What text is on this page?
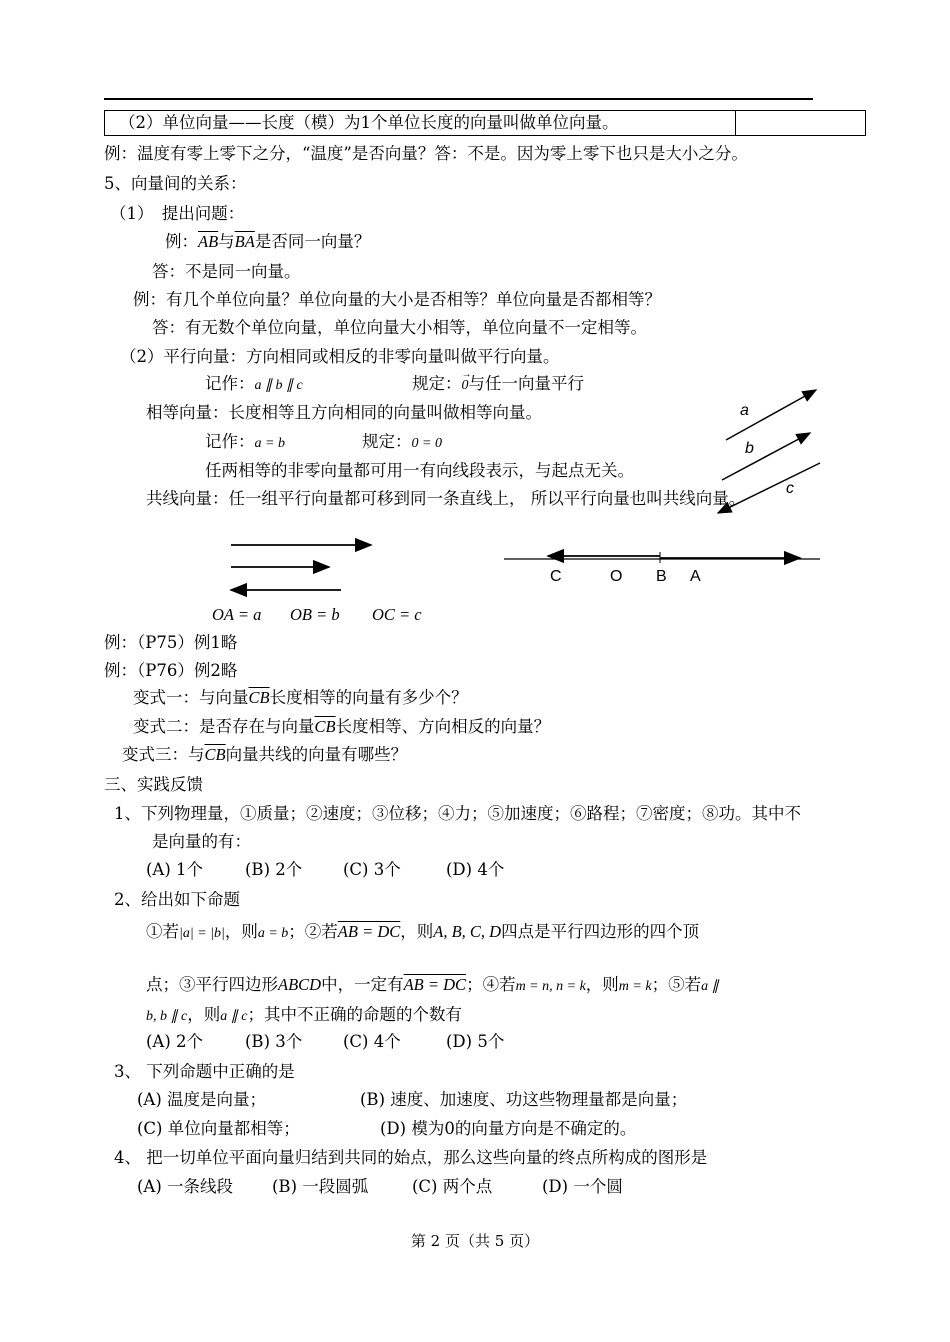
（2）单位向量——长度（模）为1个单位长度的向量叫做单位向量。
例：温度有零上零下之分，“温度”是否向量？答：不是。因为零上零下也只是大小之分。
5、向量间的关系：
（1）　提出问题：
例：$\overline{AB}$与$\overline{BA}$是否同一向量？
答：不是同一向量。
例：有几个单位向量？单位向量的大小是否相等？单位向量是否都相等？
答：有无数个单位向量，单位向量大小相等，单位向量不一定相等。
（2）平行向量：方向相同或相反的非零向量叫做平行向量。
记作：a ∥ b ∥ c	规定：→ 0与任一向量平行
相等向量：长度相等且方向相同的向量叫做相等向量。
记作：a = b	规定：0 = 0
任两相等的非零向量都可用一有向线段表示，与起点无关。
共线向量：任一组平行向量都可移到同一条直线上， 所以平行向量也叫共线向量。
a
b
c
OA = a OB = b OC = c
C	O B A
例：（P75）例1略
例：（P76）例2略
变式一：与向量$\overline{CB}$长度相等的向量有多少个？
变式二：是否存在与向量$\overline{CB}$长度相等、方向相反的向量？
变式三：与$\overline{CB}$向量共线的向量有哪些？
三、实践反馈
1、下列物理量，①质量；②速度；③位移；④力；⑤加速度；⑥路程；⑦密度；⑧功。其中不
是向量的有：
(A) 1个	(B) 2个 (C) 3个	(D) 4个
2、给出如下命题
①若|a| = |b|，则a = b；②若AB = DC，则A, B, C, D四点是平行四边形的四个顶
点；③平行四边形ABCD中，一定有AB = DC；④若m = n, n = k，则m = k；⑤若a ∥
b, b ∥ c，则a ∥ c；其中不正确的命题的个数有
(A) 2个	(B) 3个 (C) 4个	(D) 5个
3、 下列命题中正确的是
(A) 温度是向量；	(B) 速度、加速度、功这些物理量都是向量；
(C) 单位向量都相等；	(D) 模为0的向量方向是不确定的。
4、 把一切单位平面向量归结到共同的始点，那么这些向量的终点所构成的图形是
(A) 一条线段 (B) 一段圆弧	(C) 两个点	(D) 一个圆
第 2 页（共 5 页）
